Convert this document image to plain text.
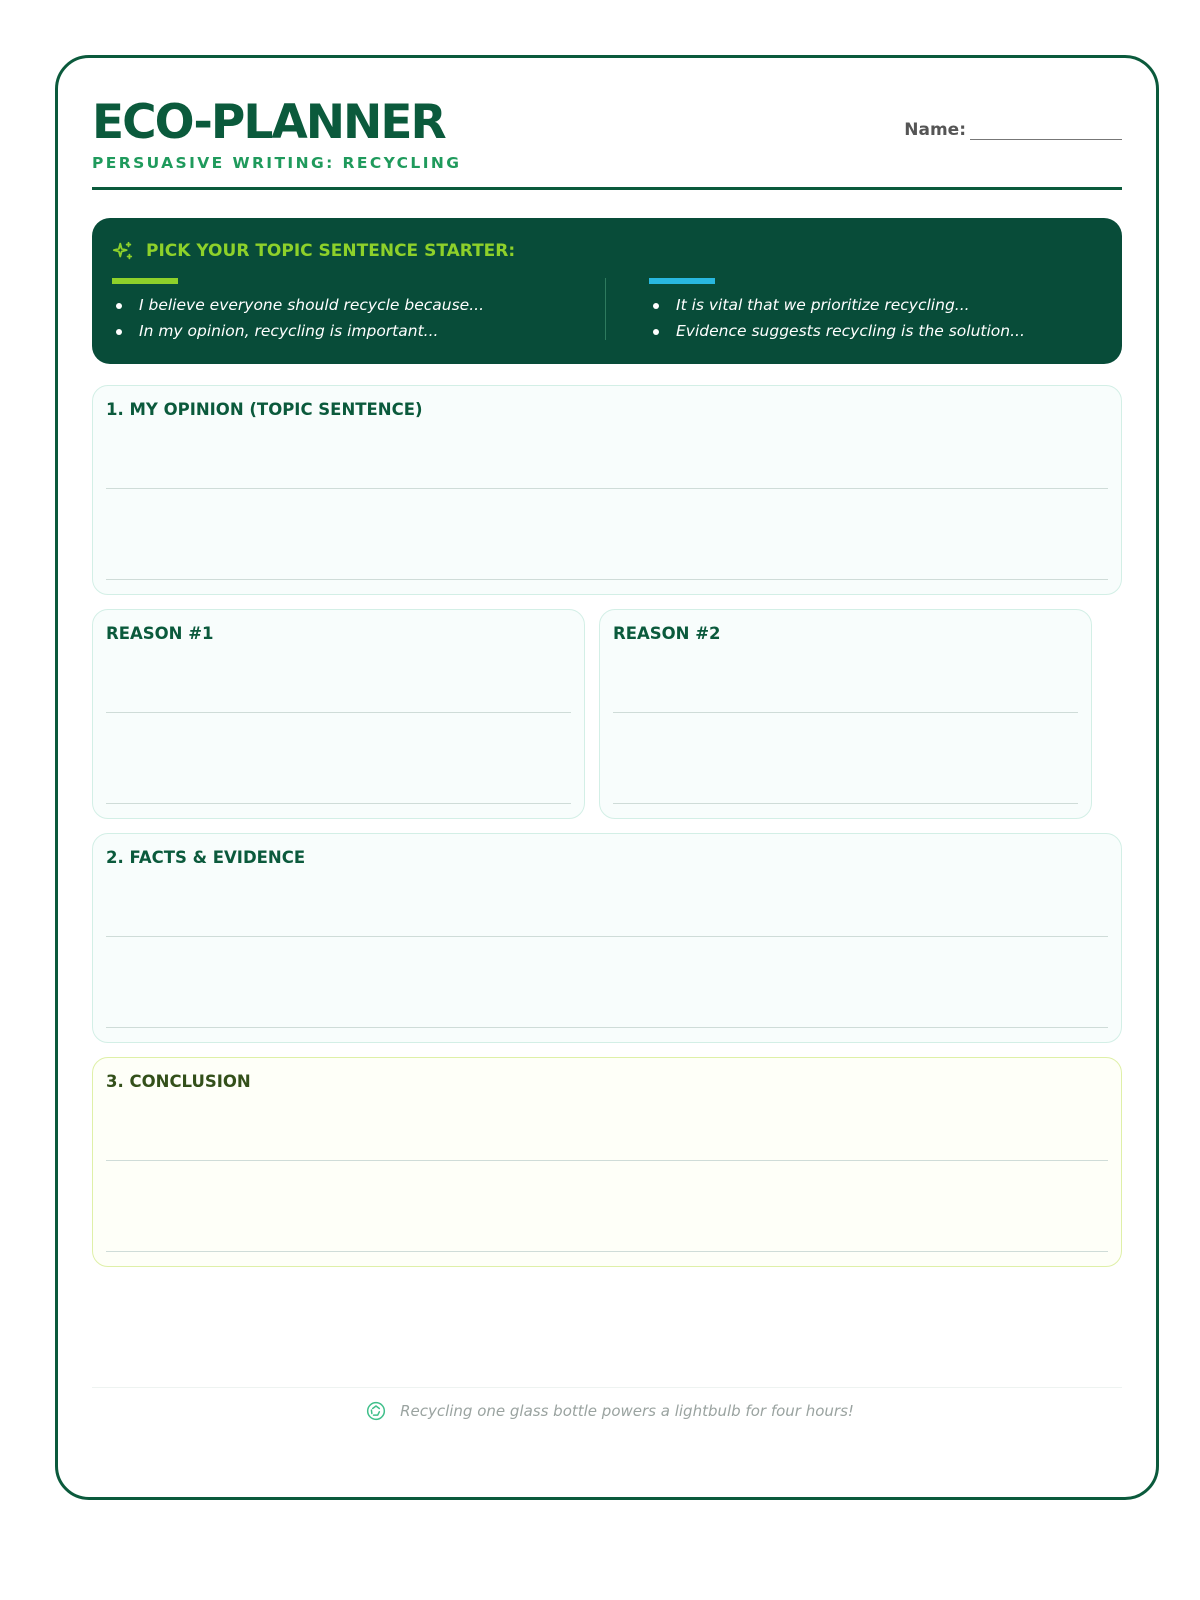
ECO-PLANNER
PERSUASIVE WRITING: RECYCLING
Name:
PICK YOUR TOPIC SENTENCE STARTER:
I believe everyone should recycle because...
In my opinion, recycling is important...
It is vital that we prioritize recycling...
Evidence suggests recycling is the solution...
1. MY OPINION (TOPIC SENTENCE)
REASON #1	REASON #2
2. FACTS & EVIDENCE
3. CONCLUSION
Recycling one glass bottle powers a lightbulb for four hours!
